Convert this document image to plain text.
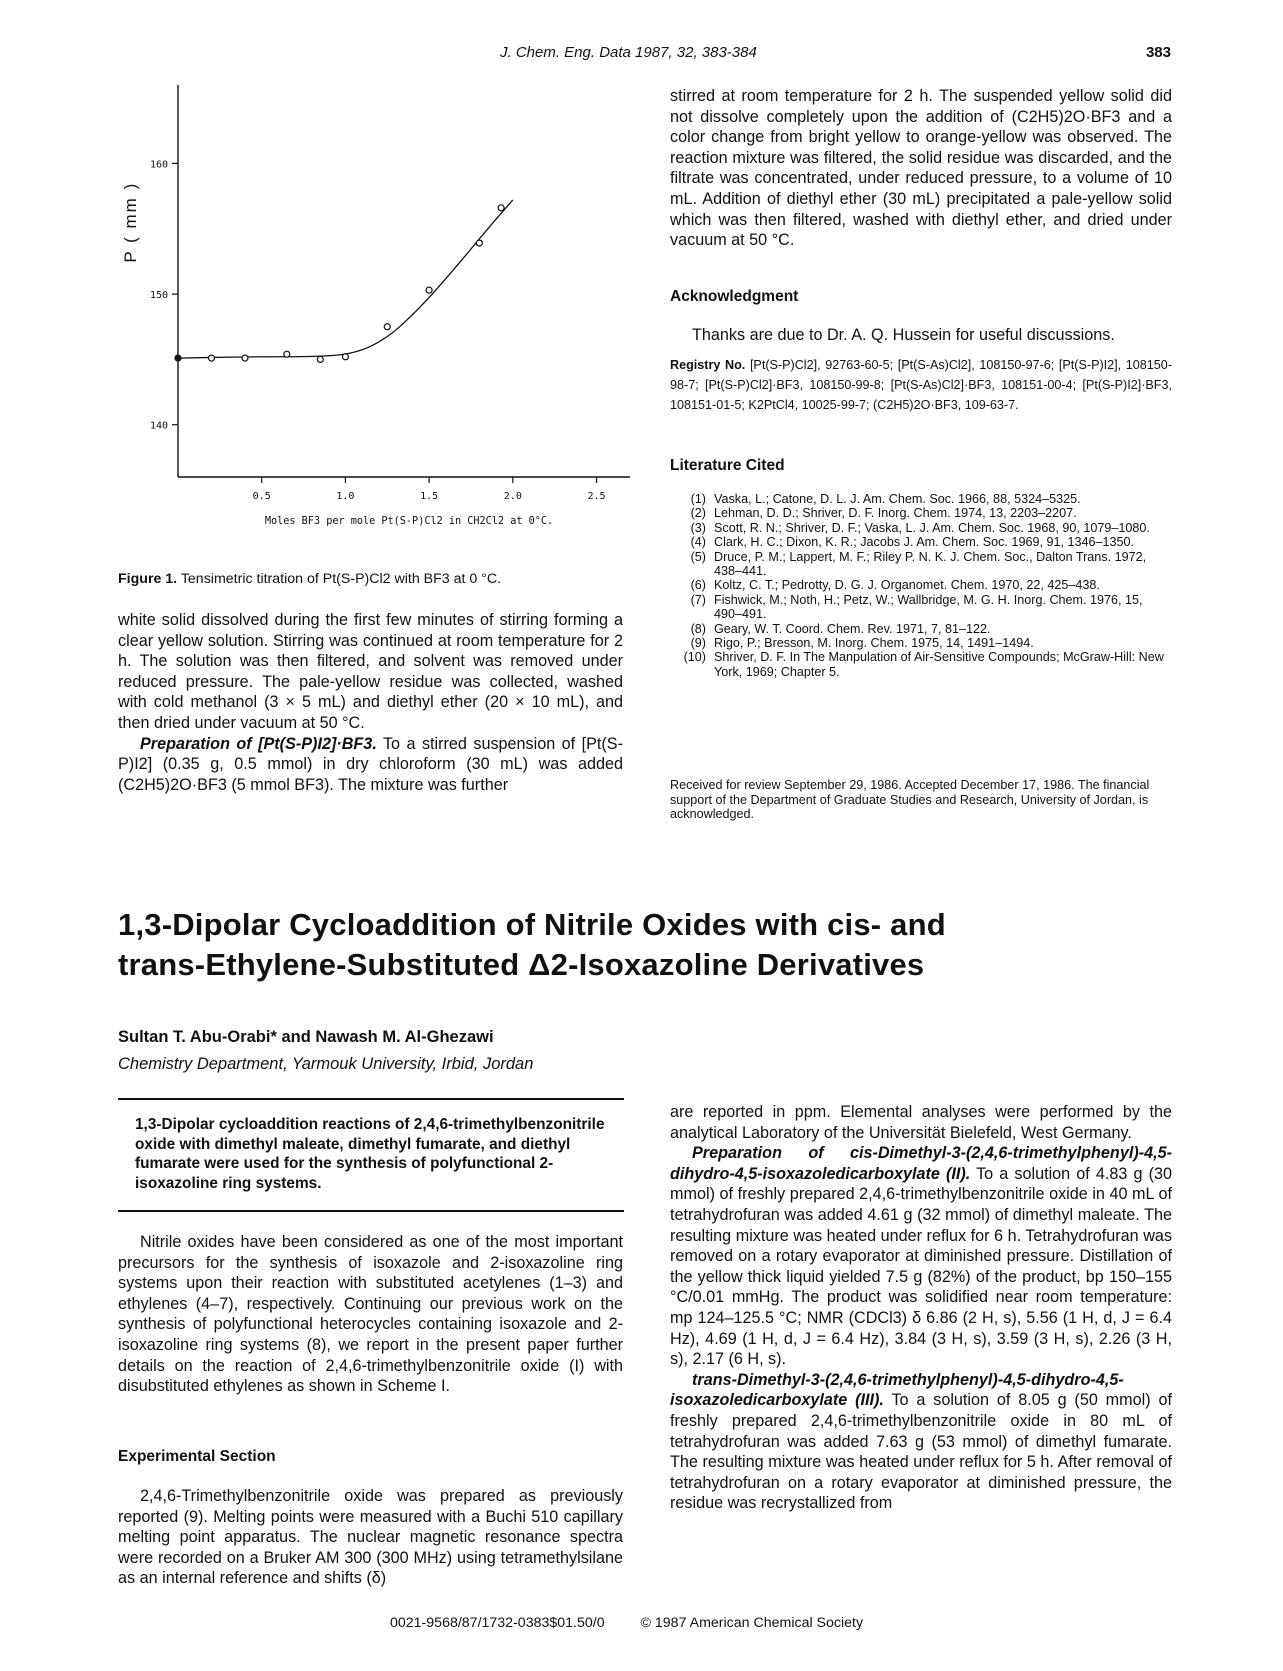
J. Chem. Eng. Data 1987, 32, 383-384	383
140
150
160
0.5	1.0	1.5	2.0	2.5
P ( mm )
Moles BF3 per mole Pt(S-P)Cl2 in CH2Cl2 at 0°C.
Figure 1. Tensimetric titration of Pt(S-P)Cl2 with BF3 at 0 °C.

white solid dissolved during the first few minutes of stirring forming a clear yellow solution. Stirring was continued at room temperature for 2 h. The solution was then filtered, and solvent was removed under reduced pressure. The pale-yellow residue was collected, washed with cold methanol (3 × 5 mL) and diethyl ether (20 × 10 mL), and then dried under vacuum at 50 °C.

Preparation of [Pt(S-P)I2]·BF3. To a stirred suspension of [Pt(S-P)I2] (0.35 g, 0.5 mmol) in dry chloroform (30 mL) was added (C2H5)2O·BF3 (5 mmol BF3). The mixture was further

stirred at room temperature for 2 h. The suspended yellow solid did not dissolve completely upon the addition of (C2H5)2O·BF3 and a color change from bright yellow to orange-yellow was observed. The reaction mixture was filtered, the solid residue was discarded, and the filtrate was concentrated, under reduced pressure, to a volume of 10 mL. Addition of diethyl ether (30 mL) precipitated a pale-yellow solid which was then filtered, washed with diethyl ether, and dried under vacuum at 50 °C.

Acknowledgment
Thanks are due to Dr. A. Q. Hussein for useful discussions.
Registry No. [Pt(S-P)Cl2], 92763-60-5; [Pt(S-As)Cl2], 108150-97-6; [Pt(S-P)I2], 108150-98-7; [Pt(S-P)Cl2]·BF3, 108150-99-8; [Pt(S-As)Cl2]·BF3, 108151-00-4; [Pt(S-P)I2]·BF3, 108151-01-5; K2PtCl4, 10025-99-7; (C2H5)2O·BF3, 109-63-7.
Literature Cited
(1) Vaska, L.; Catone, D. L. J. Am. Chem. Soc. 1966, 88, 5324–5325.
(2) Lehman, D. D.; Shriver, D. F. Inorg. Chem. 1974, 13, 2203–2207.
(3) Scott, R. N.; Shriver, D. F.; Vaska, L. J. Am. Chem. Soc. 1968, 90, 1079–1080.
(4) Clark, H. C.; Dixon, K. R.; Jacobs J. Am. Chem. Soc. 1969, 91, 1346–1350.
(5) Druce, P. M.; Lappert, M. F.; Riley P. N. K. J. Chem. Soc., Dalton Trans. 1972, 438–441.
(6) Koltz, C. T.; Pedrotty, D. G. J. Organomet. Chem. 1970, 22, 425–438.
(7) Fishwick, M.; Noth, H.; Petz, W.; Wallbridge, M. G. H. Inorg. Chem. 1976, 15, 490–491.
(8) Geary, W. T. Coord. Chem. Rev. 1971, 7, 81–122.
(9) Rigo, P.; Bresson, M. Inorg. Chem. 1975, 14, 1491–1494.
(10) Shriver, D. F. In The Manpulation of Air-Sensitive Compounds; McGraw-Hill: New York, 1969; Chapter 5.
Received for review September 29, 1986. Accepted December 17, 1986. The financial support of the Department of Graduate Studies and Research, University of Jordan, is acknowledged.
1,3-Dipolar Cycloaddition of Nitrile Oxides with cis- and
trans-Ethylene-Substituted Δ2-Isoxazoline Derivatives
Sultan T. Abu-Orabi* and Nawash M. Al-Ghezawi
Chemistry Department, Yarmouk University, Irbid, Jordan
1,3-Dipolar cycloaddition reactions of 2,4,6-trimethylbenzonitrile oxide with dimethyl maleate, dimethyl fumarate, and diethyl fumarate were used for the synthesis of polyfunctional 2-isoxazoline ring systems.
Nitrile oxides have been considered as one of the most important precursors for the synthesis of isoxazole and 2-isoxazoline ring systems upon their reaction with substituted acetylenes (1–3) and ethylenes (4–7), respectively. Continuing our previous work on the synthesis of polyfunctional heterocycles containing isoxazole and 2-isoxazoline ring systems (8), we report in the present paper further details on the reaction of 2,4,6-trimethylbenzonitrile oxide (I) with disubstituted ethylenes as shown in Scheme I.
Experimental Section
2,4,6-Trimethylbenzonitrile oxide was prepared as previously reported (9). Melting points were measured with a Buchi 510 capillary melting point apparatus. The nuclear magnetic resonance spectra were recorded on a Bruker AM 300 (300 MHz) using tetramethylsilane as an internal reference and shifts (δ)

are reported in ppm. Elemental analyses were performed by the analytical Laboratory of the Universität Bielefeld, West Germany.

Preparation of cis-Dimethyl-3-(2,4,6-trimethylphenyl)-4,5-dihydro-4,5-isoxazoledicarboxylate (II). To a solution of 4.83 g (30 mmol) of freshly prepared 2,4,6-trimethylbenzonitrile oxide in 40 mL of tetrahydrofuran was added 4.61 g (32 mmol) of dimethyl maleate. The resulting mixture was heated under reflux for 6 h. Tetrahydrofuran was removed on a rotary evaporator at diminished pressure. Distillation of the yellow thick liquid yielded 7.5 g (82%) of the product, bp 150–155 °C/0.01 mmHg. The product was solidified near room temperature: mp 124–125.5 °C; NMR (CDCl3) δ 6.86 (2 H, s), 5.56 (1 H, d, J = 6.4 Hz), 4.69 (1 H, d, J = 6.4 Hz), 3.84 (3 H, s), 3.59 (3 H, s), 2.26 (3 H, s), 2.17 (6 H, s).

trans-Dimethyl-3-(2,4,6-trimethylphenyl)-4,5-dihydro-4,5-isoxazoledicarboxylate (III). To a solution of 8.05 g (50 mmol) of freshly prepared 2,4,6-trimethylbenzonitrile oxide in 80 mL of tetrahydrofuran was added 7.63 g (53 mmol) of dimethyl fumarate. The resulting mixture was heated under reflux for 5 h. After removal of tetrahydrofuran on a rotary evaporator at diminished pressure, the residue was recrystallized from

0021-9568/87/1732-0383$01.50/0	© 1987 American Chemical Society
